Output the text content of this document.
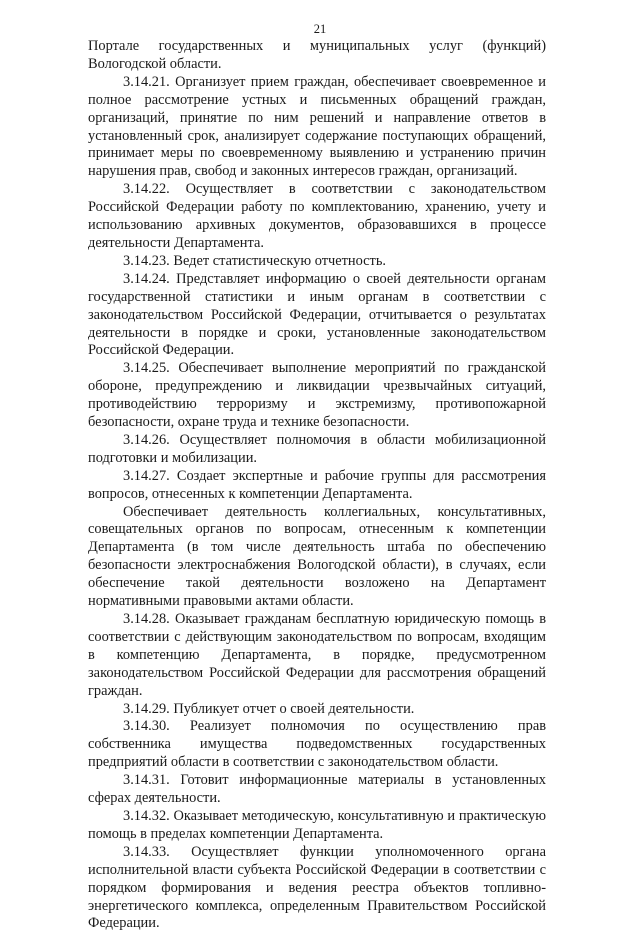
21

Портале государственных и муниципальных услуг (функций) Вологодской области.

3.14.21. Организует прием граждан, обеспечивает своевременное и полное рассмотрение устных и письменных обращений граждан, организаций, принятие по ним решений и направление ответов в установленный срок, анализирует содержание поступающих обращений, принимает меры по своевременному выявлению и устранению причин нарушения прав, свобод и законных интересов граждан, организаций.

3.14.22. Осуществляет в соответствии с законодательством Российской Федерации работу по комплектованию, хранению, учету и использованию архивных документов, образовавшихся в процессе деятельности Департамента.

3.14.23. Ведет статистическую отчетность.

3.14.24. Представляет информацию о своей деятельности органам государственной статистики и иным органам в соответствии с законодательством Российской Федерации, отчитывается о результатах деятельности в порядке и сроки, установленные законодательством Российской Федерации.

3.14.25. Обеспечивает выполнение мероприятий по гражданской обороне, предупреждению и ликвидации чрезвычайных ситуаций, противодействию терроризму и экстремизму, противопожарной безопасности, охране труда и технике безопасности.

3.14.26. Осуществляет полномочия в области мобилизационной подготовки и мобилизации.

3.14.27. Создает экспертные и рабочие группы для рассмотрения вопросов, отнесенных к компетенции Департамента.

Обеспечивает деятельность коллегиальных, консультативных, совещательных органов по вопросам, отнесенным к компетенции Департамента (в том числе деятельность штаба по обеспечению безопасности электроснабжения Вологодской области), в случаях, если обеспечение такой деятельности возложено на Департамент нормативными правовыми актами области.

3.14.28. Оказывает гражданам бесплатную юридическую помощь в соответствии с действующим законодательством по вопросам, входящим в компетенцию Департамента, в порядке, предусмотренном законодательством Российской Федерации для рассмотрения обращений граждан.

3.14.29. Публикует отчет о своей деятельности.

3.14.30. Реализует полномочия по осуществлению прав собственника имущества подведомственных государственных предприятий области в соответствии с законодательством области.

3.14.31. Готовит информационные материалы в установленных сферах деятельности.

3.14.32. Оказывает методическую, консультативную и практическую помощь в пределах компетенции Департамента.

3.14.33. Осуществляет функции уполномоченного органа исполнительной власти субъекта Российской Федерации в соответствии с порядком формирования и ведения реестра объектов топливно-энергетического комплекса, определенным Правительством Российской Федерации.
